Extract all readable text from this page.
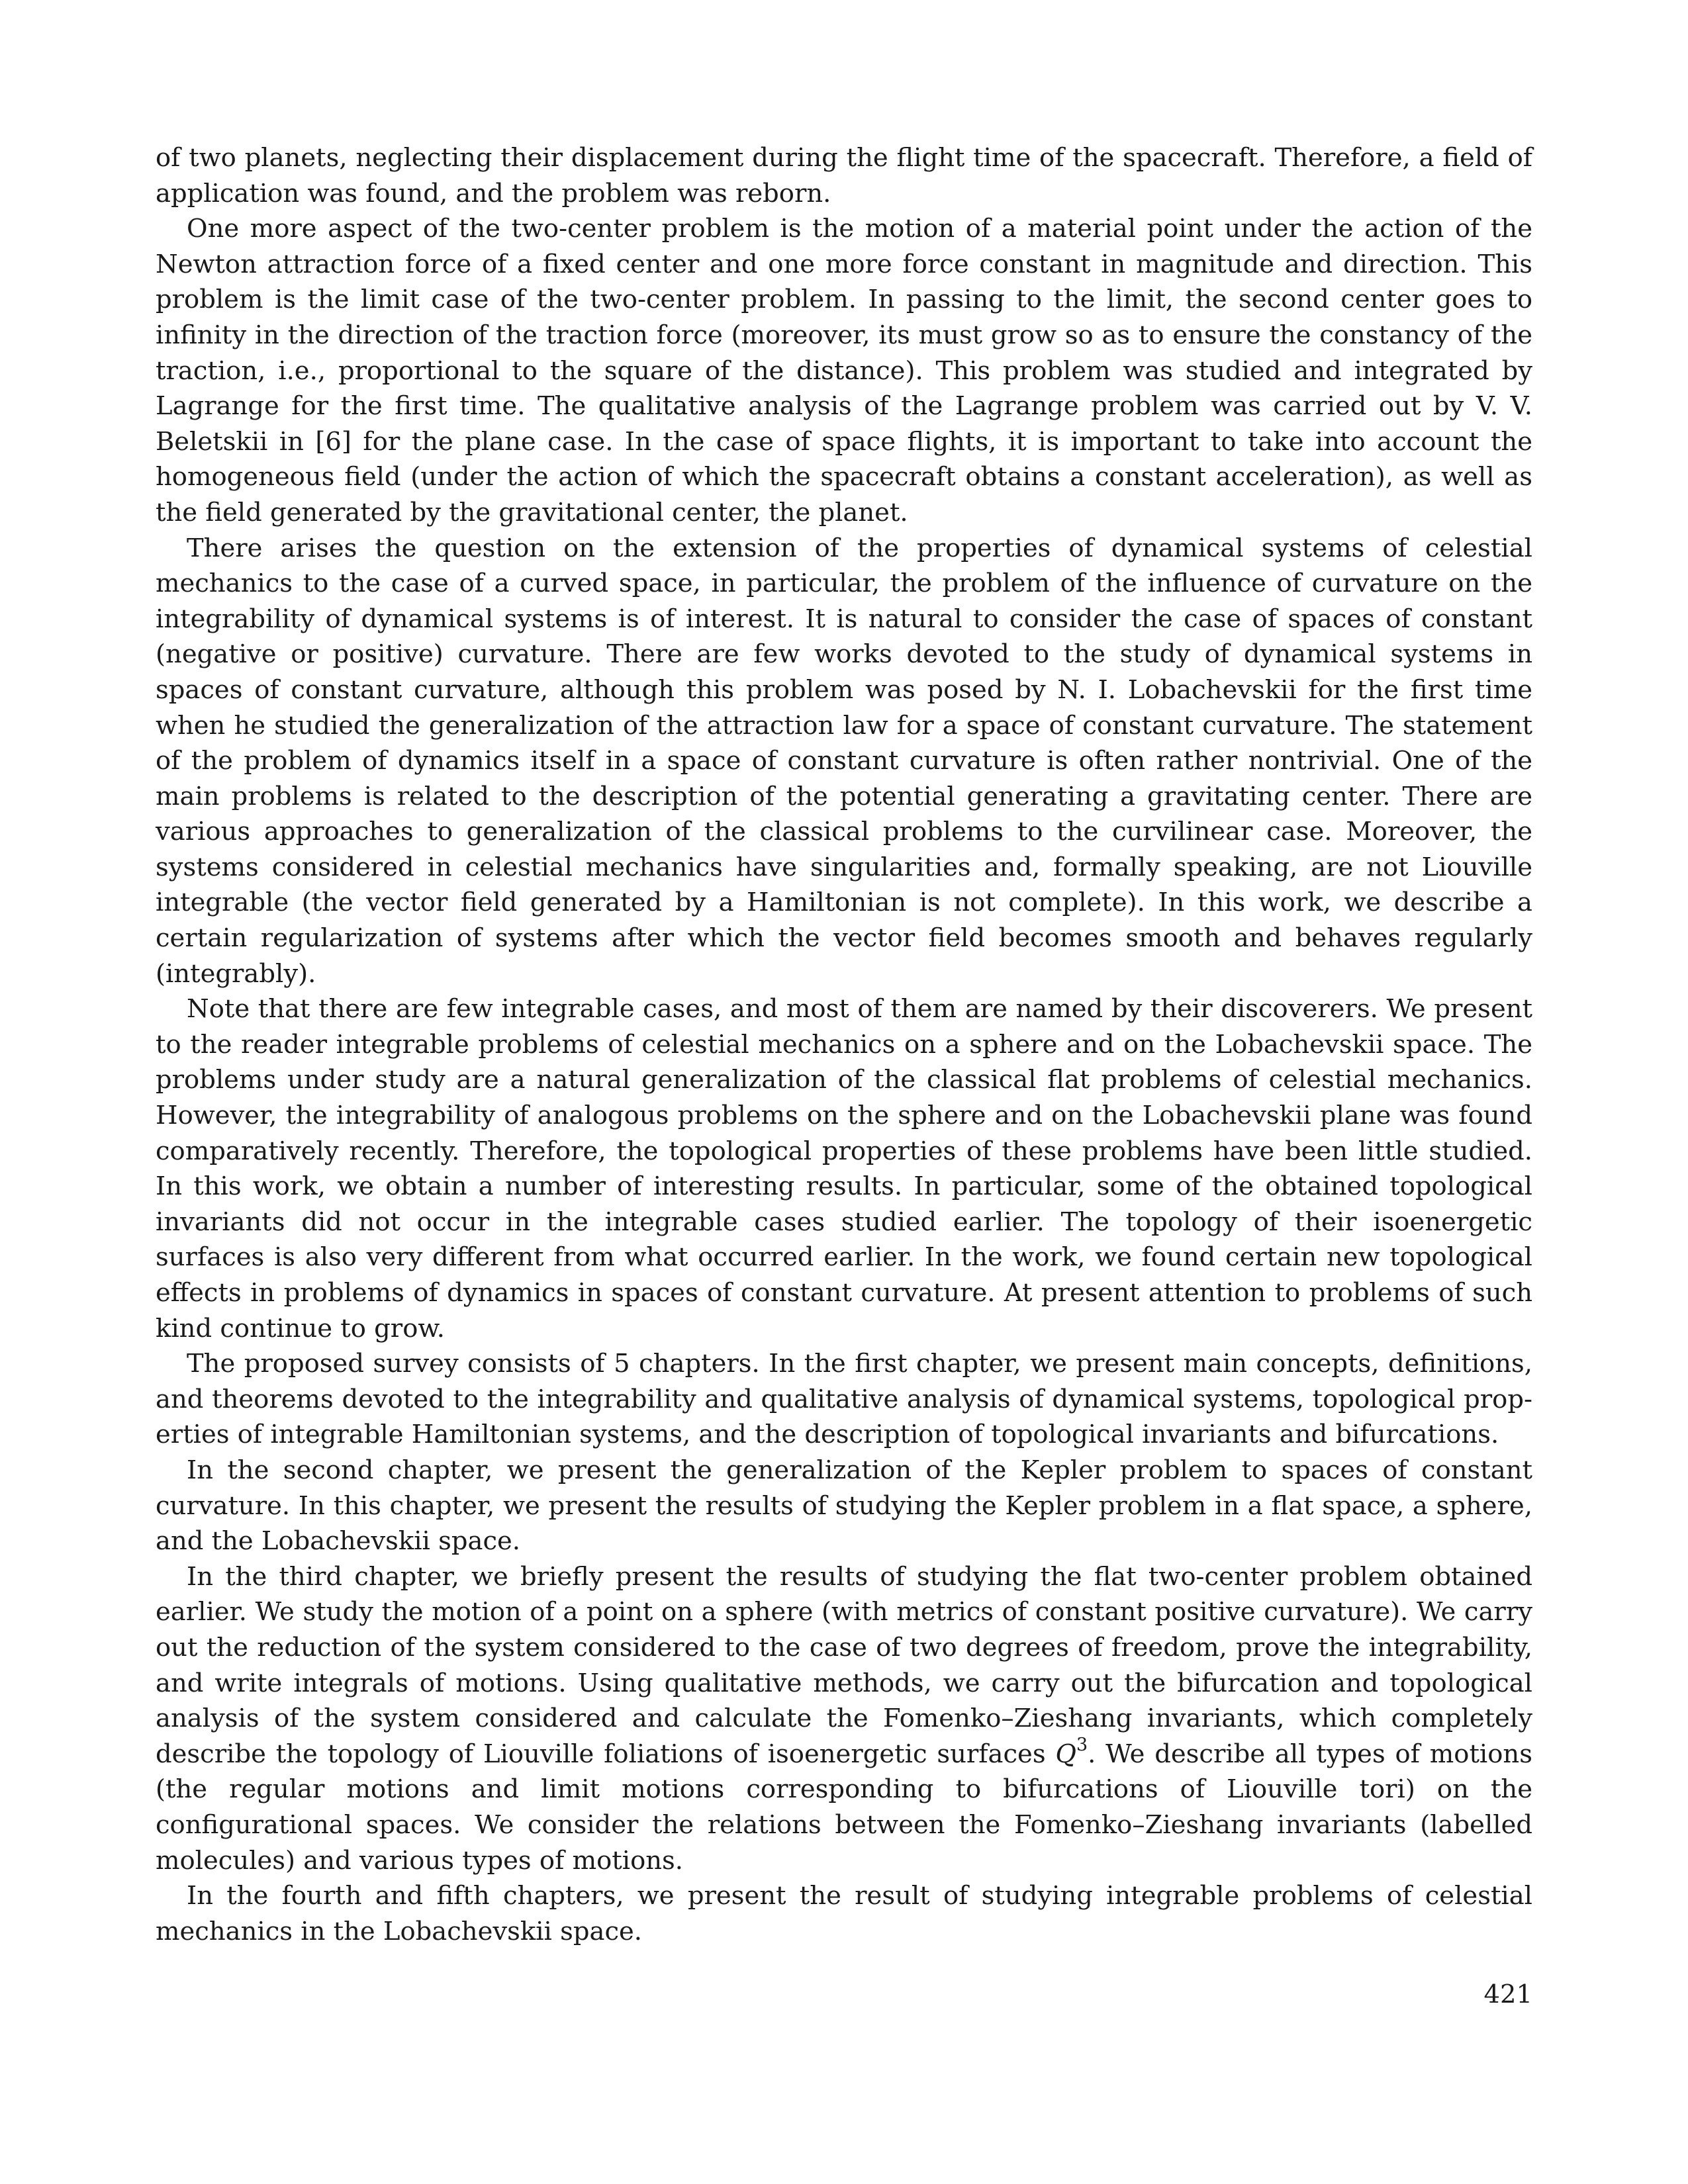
of two planets, neglecting their displacement during the flight time of the spacecraft. Therefore, a field of application was found, and the problem was reborn.

One more aspect of the two-center problem is the motion of a material point under the action of the Newton attraction force of a fixed center and one more force constant in magnitude and direction. This problem is the limit case of the two-center problem. In passing to the limit, the second center goes to infinity in the direction of the traction force (moreover, its must grow so as to ensure the constancy of the traction, i.e., proportional to the square of the distance). This problem was studied and integrated by Lagrange for the first time. The qualitative analysis of the Lagrange problem was carried out by V. V. Beletskii in [6] for the plane case. In the case of space flights, it is important to take into account the homogeneous field (under the action of which the spacecraft obtains a constant acceleration), as well as the field generated by the gravitational center, the planet.

There arises the question on the extension of the properties of dynamical systems of celestial mechanics to the case of a curved space, in particular, the problem of the influence of curvature on the integrability of dynamical systems is of interest. It is natural to consider the case of spaces of constant (negative or positive) curvature. There are few works devoted to the study of dynamical systems in spaces of constant curvature, although this problem was posed by N. I. Lobachevskii for the first time when he studied the generalization of the attraction law for a space of constant curvature. The statement of the problem of dynamics itself in a space of constant curvature is often rather nontrivial. One of the main problems is related to the description of the potential generating a gravitating center. There are various approaches to generalization of the classical problems to the curvilinear case. Moreover, the systems considered in celestial mechanics have singularities and, formally speaking, are not Liouville integrable (the vector field generated by a Hamiltonian is not complete). In this work, we describe a certain regularization of systems after which the vector field becomes smooth and behaves regularly (integrably).

Note that there are few integrable cases, and most of them are named by their discoverers. We present to the reader integrable problems of celestial mechanics on a sphere and on the Lobachevskii space. The problems under study are a natural generalization of the classical flat problems of celestial mechanics. However, the integrability of analogous problems on the sphere and on the Lobachevskii plane was found comparatively recently. Therefore, the topological properties of these problems have been little studied. In this work, we obtain a number of interesting results. In particular, some of the obtained topological invariants did not occur in the integrable cases studied earlier. The topology of their isoenergetic surfaces is also very different from what occurred earlier. In the work, we found certain new topological effects in problems of dynamics in spaces of constant curvature. At present attention to problems of such kind continue to grow.

The proposed survey consists of 5 chapters. In the first chapter, we present main concepts, definitions, and theorems devoted to the integrability and qualitative analysis of dynamical systems, topological properties of integrable Hamiltonian systems, and the description of topological invariants and bifurcations.

In the second chapter, we present the generalization of the Kepler problem to spaces of constant curvature. In this chapter, we present the results of studying the Kepler problem in a flat space, a sphere, and the Lobachevskii space.

In the third chapter, we briefly present the results of studying the flat two-center problem obtained earlier. We study the motion of a point on a sphere (with metrics of constant positive curvature). We carry out the reduction of the system considered to the case of two degrees of freedom, prove the integrability, and write integrals of motions. Using qualitative methods, we carry out the bifurcation and topological analysis of the system considered and calculate the Fomenko–Zieshang invariants, which completely describe the topology of Liouville foliations of isoenergetic surfaces $Q^3$. We describe all types of motions (the regular motions and limit motions corresponding to bifurcations of Liouville tori) on the configurational spaces. We consider the relations between the Fomenko–Zieshang invariants (labelled molecules) and various types of motions.

In the fourth and fifth chapters, we present the result of studying integrable problems of celestial mechanics in the Lobachevskii space.

421
